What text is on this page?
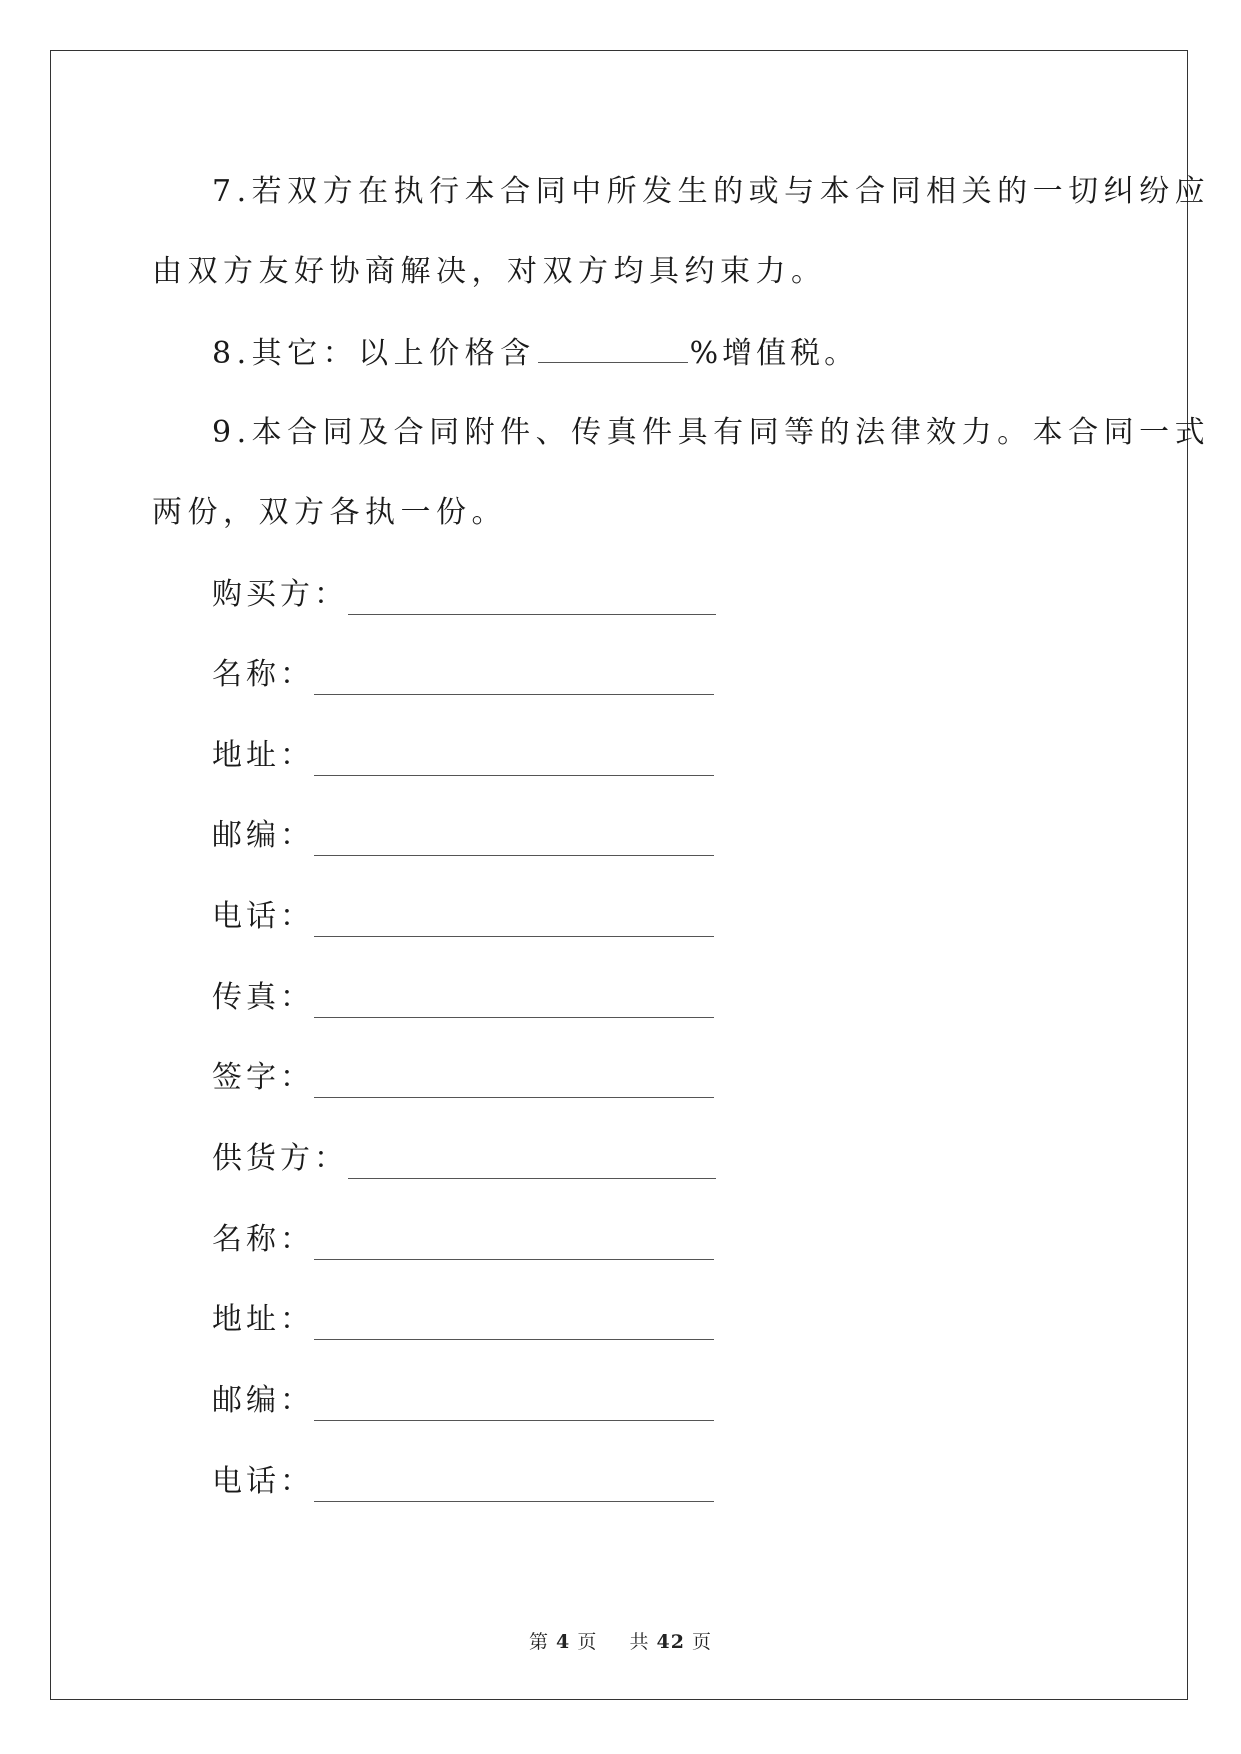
7.若双方在执行本合同中所发生的或与本合同相关的一切纠纷应
由双方友好协商解决，对双方均具约束力。
8.其它：以上价格含	%增值税。
9.本合同及合同附件、传真件具有同等的法律效力。本合同一式
两份，双方各执一份。
购买方：
名称：
地址：
邮编：
电话：
传真：
签字：
供货方：
名称：
地址：
邮编：
电话：
第 4 页 共 42 页
